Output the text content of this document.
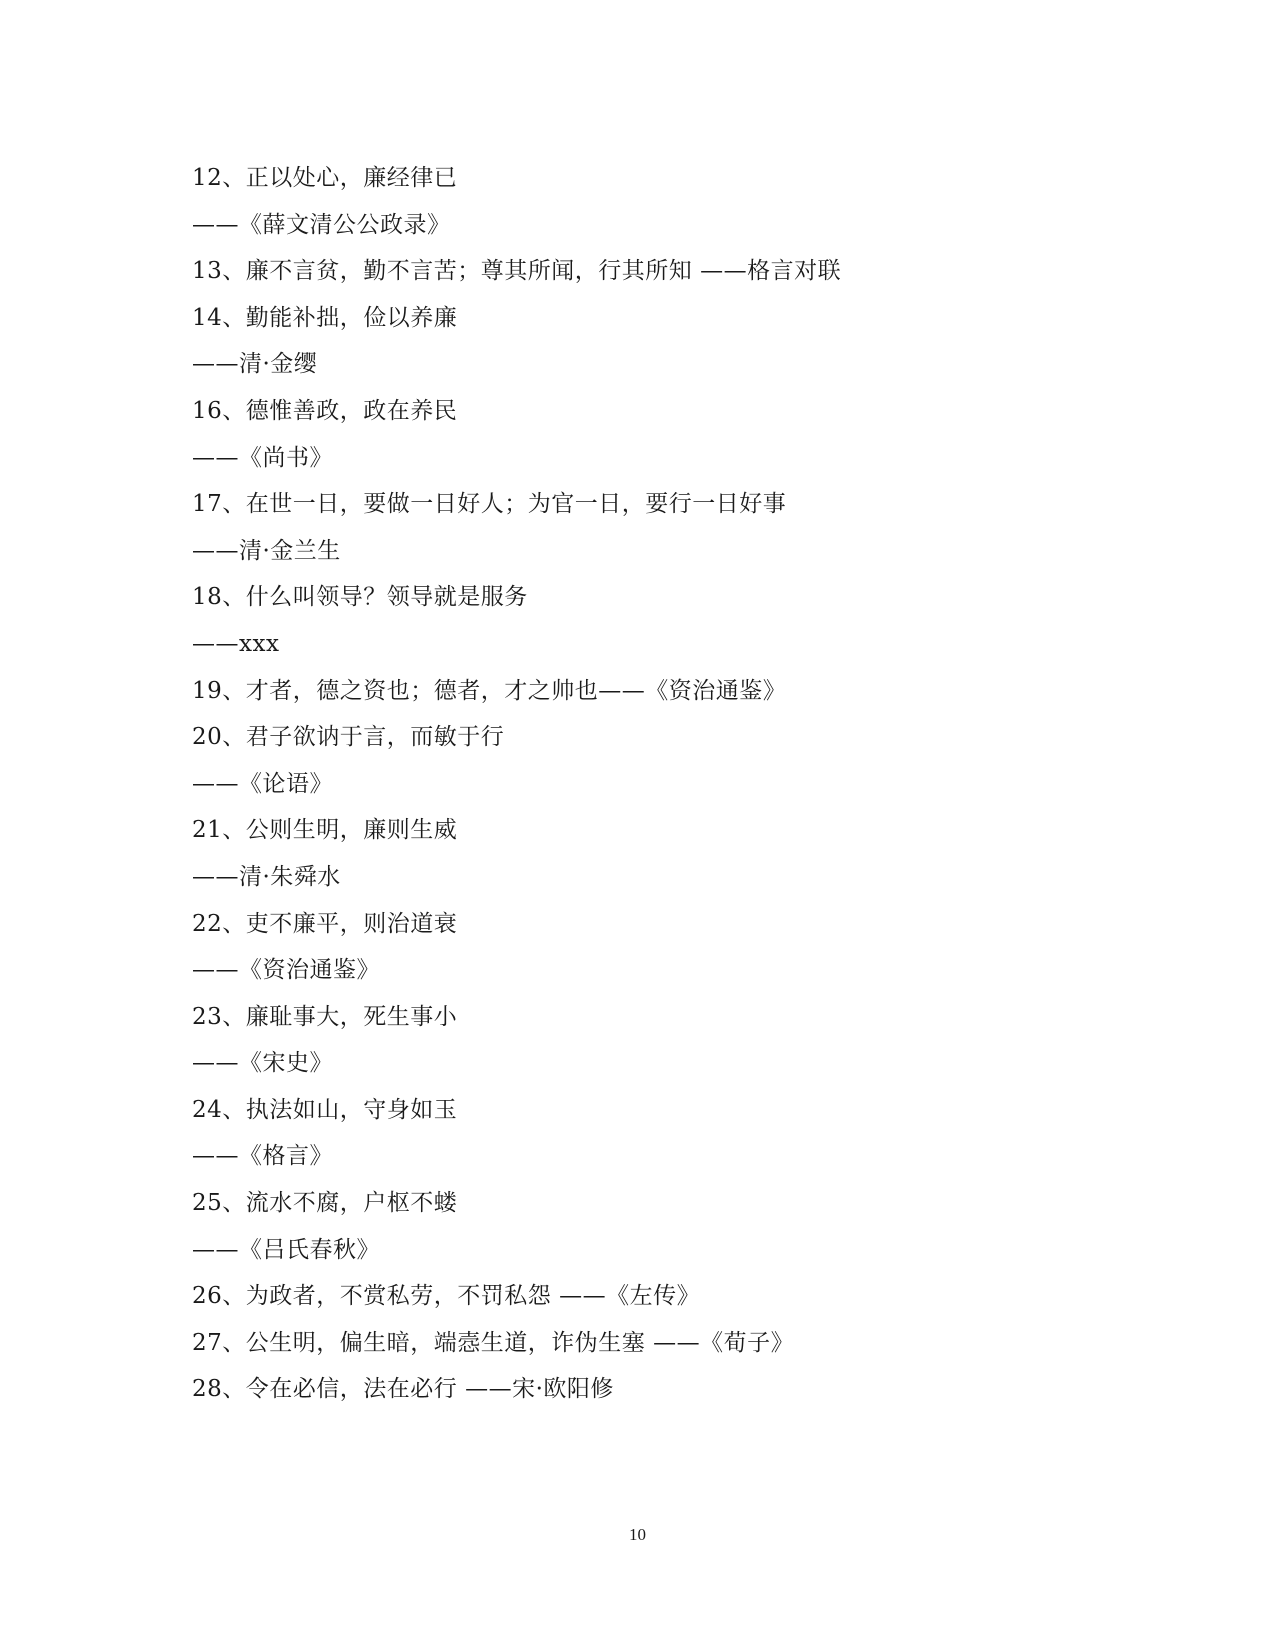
12、正以处心，廉经律已
——《薛文清公公政录》
13、廉不言贫，勤不言苦；尊其所闻，行其所知 ——格言对联
14、勤能补拙，俭以养廉
——清·金缨
16、德惟善政，政在养民
——《尚书》
17、在世一日，要做一日好人；为官一日，要行一日好事
——清·金兰生
18、什么叫领导？领导就是服务
——xxx
19、才者，德之资也；德者，才之帅也——《资治通鉴》
20、君子欲讷于言，而敏于行
——《论语》
21、公则生明，廉则生威
——清·朱舜水
22、吏不廉平，则治道衰
——《资治通鉴》
23、廉耻事大，死生事小
——《宋史》
24、执法如山，守身如玉
——《格言》
25、流水不腐，户枢不蝼
——《吕氏春秋》
26、为政者，不赏私劳，不罚私怨 ——《左传》
27、公生明，偏生暗，端悫生道，诈伪生塞 ——《荀子》
28、令在必信，法在必行 ——宋·欧阳修
10
